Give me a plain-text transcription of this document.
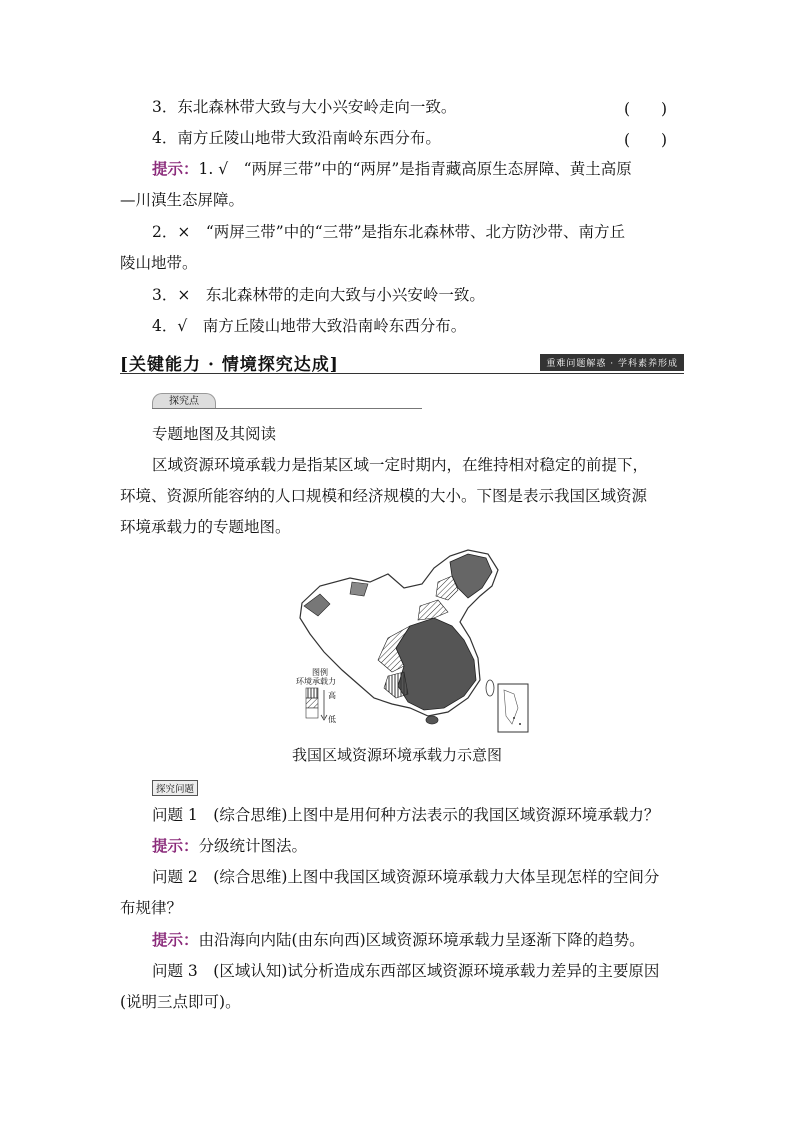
3．东北森林带大致与大小兴安岭走向一致。	(　　)
4．南方丘陵山地带大致沿南岭东西分布。	(　　)
提示：1. √　“两屏三带”中的“两屏”是指青藏高原生态屏障、黄土高原
—川滇生态屏障。
2．×　“两屏三带”中的“三带”是指东北森林带、北方防沙带、南方丘
陵山地带。
3．×　东北森林带的走向大致与小兴安岭一致。
4．√　南方丘陵山地带大致沿南岭东西分布。
[关键能力 · 情境探究达成]	重难问题解惑 · 学科素养形成
探究点
专题地图及其阅读
区域资源环境承载力是指某区域一定时期内，在维持相对稳定的前提下，
环境、资源所能容纳的人口规模和经济规模的大小。下图是表示我国区域资源
环境承载力的专题地图。
图例
环境承载力
高
低
我国区域资源环境承载力示意图
探究问题
问题 1　(综合思维)上图中是用何种方法表示的我国区域资源环境承载力？
提示：分级统计图法。
问题 2　(综合思维)上图中我国区域资源环境承载力大体呈现怎样的空间分
布规律？
提示：由沿海向内陆(由东向西)区域资源环境承载力呈逐渐下降的趋势。
问题 3　(区域认知)试分析造成东西部区域资源环境承载力差异的主要原因
(说明三点即可)。
